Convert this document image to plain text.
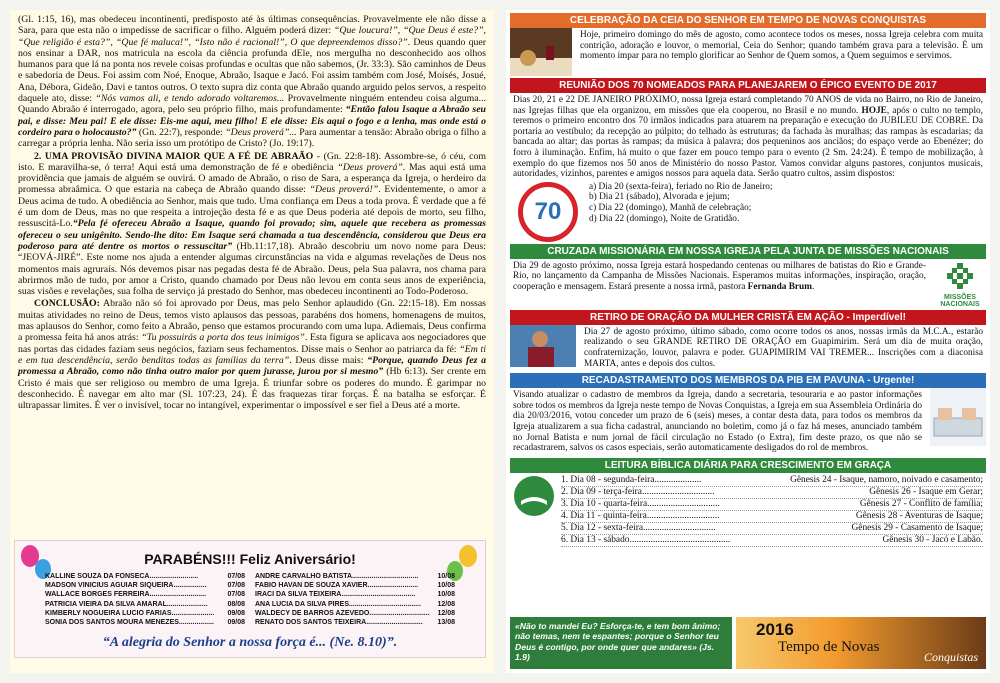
(Gl. 1:15, 16), mas obedeceu incontinenti, predisposto até às últimas consequências. Provavelmente ele não disse a Sara, para que esta não o impedisse de sacrificar o filho. Alguém poderá dizer: “Que loucura!”, “Que Deus é este?”, “Que religião é esta?”, “Que fé maluca!”, “Isto não é racional!”, O que depreendemos disso?”. Deus quando quer nos ensinar a DAR, nos matricula na escola da ciência profunda dEle, nos mergulha no desconhecido aos olhos humanos para que lá na ponta nos revele coisas profundas e ocultas que não sabemos, (Jr. 33:3). São caminhos de Deus e sabedoria de Deus. Foi assim com Noé, Enoque, Abraão, Isaque e Jacó. Foi assim também com José, Moisés, Josué, Ana, Débora, Gideão, Davi e tantos outros. O texto supra diz conta que Abraão quando arguido pelos servos, a respeito daquele ato, disse: “Nós vamos ali, e tendo adorado voltaremos... Provavelmente ninguém entendeu coisa alguma... Quando Abraão é interrogado, agora, pelo seu próprio filho, mais profundamente: “Então falou Isaque a Abraão seu pai, e disse: Meu pai! E ele disse: Eis-me aqui, meu filho! E ele disse: Eis aqui o fogo e a lenha, mas onde está o cordeiro para o holocausto?” (Gn. 22:7), responde: “Deus proverá”... Para aumentar a tensão: Abraão obriga o filho a carregar a própria lenha. Não seria isso um protótipo de Cristo? (Jo. 19:17).

2. UMA PROVISÃO DIVINA MAIOR QUE A FÉ DE ABRAÃO - (Gn. 22:8-18). Assombre-se, ó céu, com isto. E maravilha-se, ó terra! Aqui está uma demonstração de fé e obediência “Deus proverá”. Mas aqui está uma providência que jamais de alguém se ouvirá. O amado de Abraão, o riso de Sara, a esperança da Igreja, o herdeiro da promessa abraâmica. O que estaria na cabeça de Abraão quando disse: “Deus proverá!”. Evidentemente, o amor a Deus acima de tudo. A obediência ao Senhor, mais que tudo. Uma confiança em Deus a toda prova. É verdade que a fé é um dom de Deus, mas no que respeita a introjeção desta fé e as que Deus poderia até depois de morto, seu filho, ressuscitá-Lo.“Pela fé ofereceu Abraão a Isaque, quando foi provado; sim, aquele que recebera as promessas ofereceu o seu unigênito. Sendo-lhe dito: Em Isaque será chamada a tua descendência, considerou que Deus era poderoso para até dentre os mortos o ressuscitar” (Hb.11:17,18). Abraão descobriu um novo nome para Deus: “JEOVÁ-JIRÉ”. Este nome nos ajuda a entender algumas circunstâncias na vida e algumas revelações de Deus nos momentos mais agruraís. Nós devemos pisar nas pegadas desta fé de Abraão. Deus, pela Sua palavra, nos chama para abrirmos mão de tudo, por amor a Cristo, quando chamado por Deus não levou em conta seus anos de experiência, suas visões e revelações, sua folha de serviço já prestado do Senhor, mas obedeceu incontinenti ao Todo-Poderoso.

CONCLUSÃO: Abraão não só foi aprovado por Deus, mas pelo Senhor aplaudido (Gn. 22:15-18). Em nossas muitas atividades no reino de Deus, temos visto aplausos das pessoas, parabéns dos homens, homenagens de muitos, mas aplausos do Senhor, como feito a Abraão, penso que estamos procurando com uma lupa. Adiemais, Deus confirma a promessa feita há anos atrás: “Tu possuirás a porta dos teus inimigos”. Esta figura se aplicava aos negociadores que nas portas das cidades faziam seus negócios, faziam seus fechamentos. Disse mais o Senhor ao patriarca da fé: “Em ti e em tua descendência, serão benditas todas as famílias da terra”. Deus disse mais: “Porque, quando Deus fez a promessa a Abraão, como não tinha outro maior por quem jurasse, jurou por si mesmo” (Hb 6:13). Ser crente em Cristo é mais que ser religioso ou membro de uma Igreja. É triunfar sobre os poderes do mundo. É garimpar no desconhecido. É navegar em alto mar (Sl. 107:23, 24). É das fraquezas tirar forças. É na batalha se esforçar. É ultrapassar limites. É ver o invisível, tocar no intangível, experimentar o impossível e ser fiel a Deus até a morte.

PARABÉNS!!! Feliz Aniversário!
KALLINE SOUZA DA FONSECA.........................	07/08
MADSON VINICIUS AGUIAR SIQUEIRA.................	07/08
WALLACE BORGES FERREIRA.............................	07/08
PATRICIA VIEIRA DA SILVA AMARAL.....................	08/08
KIMBERLY NOGUEIRA LUCIO FARIAS......................	09/08
SONIA DOS SANTOS MOURA MENEZES..................	09/08
ANDRE CARVALHO BATISTA..................................	10/08
FABIO HAVAN DE SOUZA XAVIER..........................	10/08
IRACI DA SILVA TEIXEIRA......................................	10/08
ANA LUCIA DA SILVA PIRES.....................................	12/08
WALDECY DE BARROS AZEVEDO...............................	12/08
RENATO DOS SANTOS TEIXEIRA.............................	13/08
“A alegria do Senhor a nossa força é... (Ne. 8.10)”.
CELEBRAÇÃO DA CEIA DO SENHOR EM TEMPO DE NOVAS CONQUISTAS
Hoje, primeiro domingo do mês de agosto, como acontece todos os meses, nossa Igreja celebra com muita contrição, adoração e louvor, o memorial, Ceia do Senhor; quando também grava para a televisão. É um momento ímpar para no templo glorificar ao Senhor de Quem somos, a Quem seguimos e servimos.
REUNIÃO DOS 70 NOMEADOS PARA PLANEJAREM O ÉPICO EVENTO DE 2017
Dias 20, 21 e 22 DE JANEIRO PRÓXIMO, nossa Igreja estará completando 70 ANOS de vida no Bairro, no Rio de Janeiro, nas Igrejas filhas que ela organizou, em missões que ela cooperou, no Brasil e no mundo. HOJE, após o culto no templo, teremos o primeiro encontro dos 70 irmãos indicados para atuarem na preparação e execução do JUBILEU DE COBRE. Da portaria ao vestíbulo; da recepção ao púlpito; do telhado às estruturas; da fachada às muralhas; das rampas às escadarias; da bancada ao altar; das portas às rampas; da música à palavra; dos pequeninos aos anciãos; do espaço verde ao Ebenézer; do forro à iluminação. Enfim, há muito o que fazer em pouco tempo para o evento (2 Sm. 24:24). É tempo de mobilização, à exemplo do que fizemos nos 50 anos de Ministério do nosso Pastor. Vamos convidar alguns pastores, conjuntos musicais, autoridades, vizinhos, parentes e amigos nossos para aquela data. Serão quatro cultos, assim dispostos:
70
a) Dia 20 (sexta-feira), feriado no Rio de Janeiro;
b) Dia 21 (sábado), Alvorada e jejum;
c) Dia 22 (domingo), Manhã de celebração;
d) Dia 22 (domingo), Noite de Gratidão.
CRUZADA MISSIONÁRIA EM NOSSA IGREJA PELA JUNTA DE MISSÕES NACIONAIS
Dia 29 de agosto próximo, nossa Igreja estará hospedando centenas ou milhares de batistas do Rio e Grande-Rio, no lançamento da Campanha de Missões Nacionais. Esperamos muitas informações, inspiração, oração, cooperação e mensagem. Estará presente a nossa irmã, pastora Fernanda Brum.
MISSÕES NACIONAIS
RETIRO DE ORAÇÃO DA MULHER CRISTÃ EM AÇÃO - Imperdível!
Dia 27 de agosto próximo, último sábado, como ocorre todos os anos, nossas irmãs da M.C.A., estarão realizando o seu GRANDE RETIRO DE ORAÇÃO em Guapimirim. Será um dia de muita oração, confraternização, louvor, palavra e poder. GUAPIMIRIM VAI TREMER... Inscrições com a diaconisa MARTA, antes e depois dos cultos.
RECADASTRAMENTO DOS MEMBROS DA PIB EM PAVUNA - Urgente!
Visando atualizar o cadastro de membros da Igreja, dando a secretaria, tesouraria e ao pastor informações sobre todos os membros da Igreja neste tempo de Novas Conquistas, a Igreja em sua Assembleia Ordinária do dia 20/03/2016, votou conceder um prazo de 6 (seis) meses, a contar desta data, para todos os membros da Igreja atualizarem a sua ficha cadastral, anunciando no boletim, como já o faz há meses, anunciado também no Jornal Batista e num jornal de fácil circulação no Estado (o Extra), fim deste prazo, os que não se recadastrarem, salvos os casos especiais, serão automaticamente desligados do rol de membros.
LEITURA BÍBLICA DIÁRIA PARA CRESCIMENTO EM GRAÇA
1. Dia 08 - segunda-feira....................	Gênesis 24 - Isaque, namoro, noivado e casamento;
2. Dia 09 - terça-feira...............................	Gênesis 26 - Isaque em Gerar;
3. Dia 10 - quarta-feira...............................	Gênesis 27 - Conflito de família;
4. Dia 11 - quinta-feira...............................	Gênesis 28 - Aventuras de Isaque;
5. Dia 12 - sexta-feira...............................	Gênesis 29 - Casamento de Isaque;
6. Dia 13 - sábado...........................................	Gênesis 30 - Jacó e Labão.
«Não to mandei Eu? Esforça-te, e tem bom ânimo; não temas, nem te espantes; porque o Senhor teu Deus é contigo, por onde quer que andares» (Js. 1.9)
2016
Tempo de Novas
Conquistas
